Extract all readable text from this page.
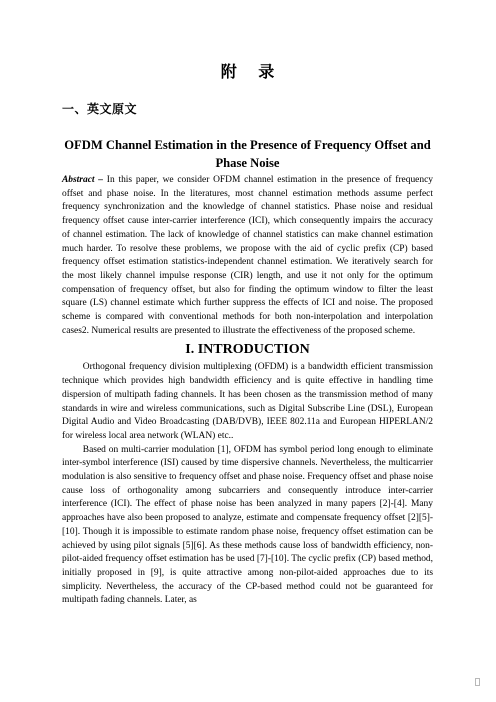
附 录
一、英文原文
OFDM Channel Estimation in the Presence of Frequency Offset and Phase Noise

Abstract – In this paper, we consider OFDM channel estimation in the presence of frequency offset and phase noise. In the literatures, most channel estimation methods assume perfect frequency synchronization and the knowledge of channel statistics. Phase noise and residual frequency offset cause inter-carrier interference (ICI), which consequently impairs the accuracy of channel estimation. The lack of knowledge of channel statistics can make channel estimation much harder. To resolve these problems, we propose with the aid of cyclic prefix (CP) based frequency offset estimation statistics-independent channel estimation. We iteratively search for the most likely channel impulse response (CIR) length, and use it not only for the optimum compensation of frequency offset, but also for finding the optimum window to filter the least square (LS) channel estimate which further suppress the effects of ICI and noise. The proposed scheme is compared with conventional methods for both non-interpolation and interpolation cases2. Numerical results are presented to illustrate the effectiveness of the proposed scheme.

I. INTRODUCTION

Orthogonal frequency division multiplexing (OFDM) is a bandwidth efficient transmission technique which provides high bandwidth efficiency and is quite effective in handling time dispersion of multipath fading channels. It has been chosen as the transmission method of many standards in wire and wireless communications, such as Digital Subscribe Line (DSL), European Digital Audio and Video Broadcasting (DAB/DVB), IEEE 802.11a and European HIPERLAN/2 for wireless local area network (WLAN) etc..

Based on multi-carrier modulation [1], OFDM has symbol period long enough to eliminate inter-symbol interference (ISI) caused by time dispersive channels. Nevertheless, the multicarrier modulation is also sensitive to frequency offset and phase noise. Frequency offset and phase noise cause loss of orthogonality among subcarriers and consequently introduce inter-carrier interference (ICI). The effect of phase noise has been analyzed in many papers [2]-[4]. Many approaches have also been proposed to analyze, estimate and compensate frequency offset [2][5]-[10]. Though it is impossible to estimate random phase noise, frequency offset estimation can be achieved by using pilot signals [5][6]. As these methods cause loss of bandwidth efficiency, non-pilot-aided frequency offset estimation has be used [7]-[10]. The cyclic prefix (CP) based method, initially proposed in [9], is quite attractive among non-pilot-aided approaches due to its simplicity. Nevertheless, the accuracy of the CP-based method could not be guaranteed for multipath fading channels. Later, as
